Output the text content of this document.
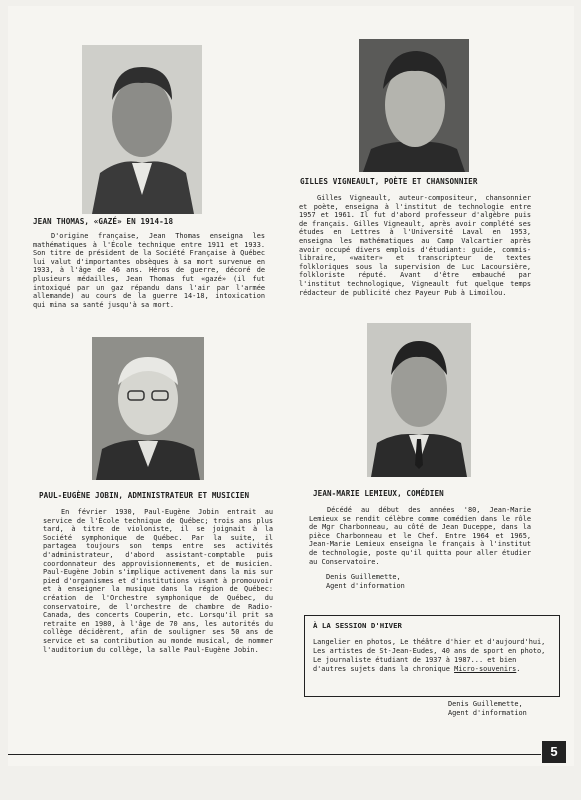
JEAN THOMAS, «GAZÉ» EN 1914-18

D'origine française, Jean Thomas enseigna les mathématiques à l'École technique entre 1911 et 1933. Son titre de président de la Société Française à Québec lui valut d'importantes obsèques à sa mort survenue en 1933, à l'âge de 46 ans. Héros de guerre, décoré de plusieurs médailles, Jean Thomas fut «gazé» (il fut intoxiqué par un gaz répandu dans l'air par l'armée allemande) au cours de la guerre 14-18, intoxication qui mina sa santé jusqu'à sa mort.

GILLES VIGNEAULT, POÈTE ET CHANSONNIER

Gilles Vigneault, auteur-compositeur, chansonnier et poète, enseigna à l'institut de technologie entre 1957 et 1961. Il fut d'abord professeur d'algèbre puis de français. Gilles Vigneault, après avoir complété ses études en Lettres à l'Université Laval en 1953, enseigna les mathématiques au Camp Valcartier après avoir occupé divers emplois d'étudiant: guide, commis-libraire, «waiter» et transcripteur de textes folkloriques sous la supervision de Luc Lacoursière, folkloriste réputé. Avant d'être embauché par l'institut technologique, Vigneault fut quelque temps rédacteur de publicité chez Payeur Pub à Limoilou.

PAUL-EUGÈNE JOBIN, ADMINISTRATEUR ET MUSICIEN

En février 1930, Paul-Eugène Jobin entrait au service de l'École technique de Québec; trois ans plus tard, à titre de violoniste, il se joignait à la Société symphonique de Québec. Par la suite, il partagea toujours son temps entre ses activités d'administrateur, d'abord assistant-comptable puis coordonnateur des approvisionnements, et de musicien. Paul-Eugène Jobin s'implique activement dans la mis sur pied d'organismes et d'institutions visant à promouvoir et à enseigner la musique dans la région de Québec: création de l'Orchestre symphonique de Québec, du conservatoire, de l'orchestre de chambre de Radio-Canada, des concerts Couperin, etc. Lorsqu'il prit sa retraite en 1980, à l'âge de 70 ans, les autorités du collège décidèrent, afin de souligner ses 50 ans de service et sa contribution au monde musical, de nommer l'auditorium du collège, la salle Paul-Eugène Jobin.

JEAN-MARIE LEMIEUX, COMÉDIEN

Décédé au début des années '80, Jean-Marie Lemieux se rendit célèbre comme comédien dans le rôle de Mgr Charbonneau, au côté de Jean Duceppe, dans la pièce Charbonneau et le Chef. Entre 1964 et 1965, Jean-Marie Lemieux enseigna le français à l'institut de technologie, poste qu'il quitta pour aller étudier au Conservatoire.

Denis Guillemette,
Agent d'information
À LA SESSION D'HIVER
Langelier en photos, Le théâtre d'hier et d'aujourd'hui, Les artistes de St-Jean-Eudes, 40 ans de sport en photo, Le journaliste étudiant de 1937 à 1987... et bien d'autres sujets dans la chronique Micro-souvenirs.
Denis Guillemette,
Agent d'information
5
